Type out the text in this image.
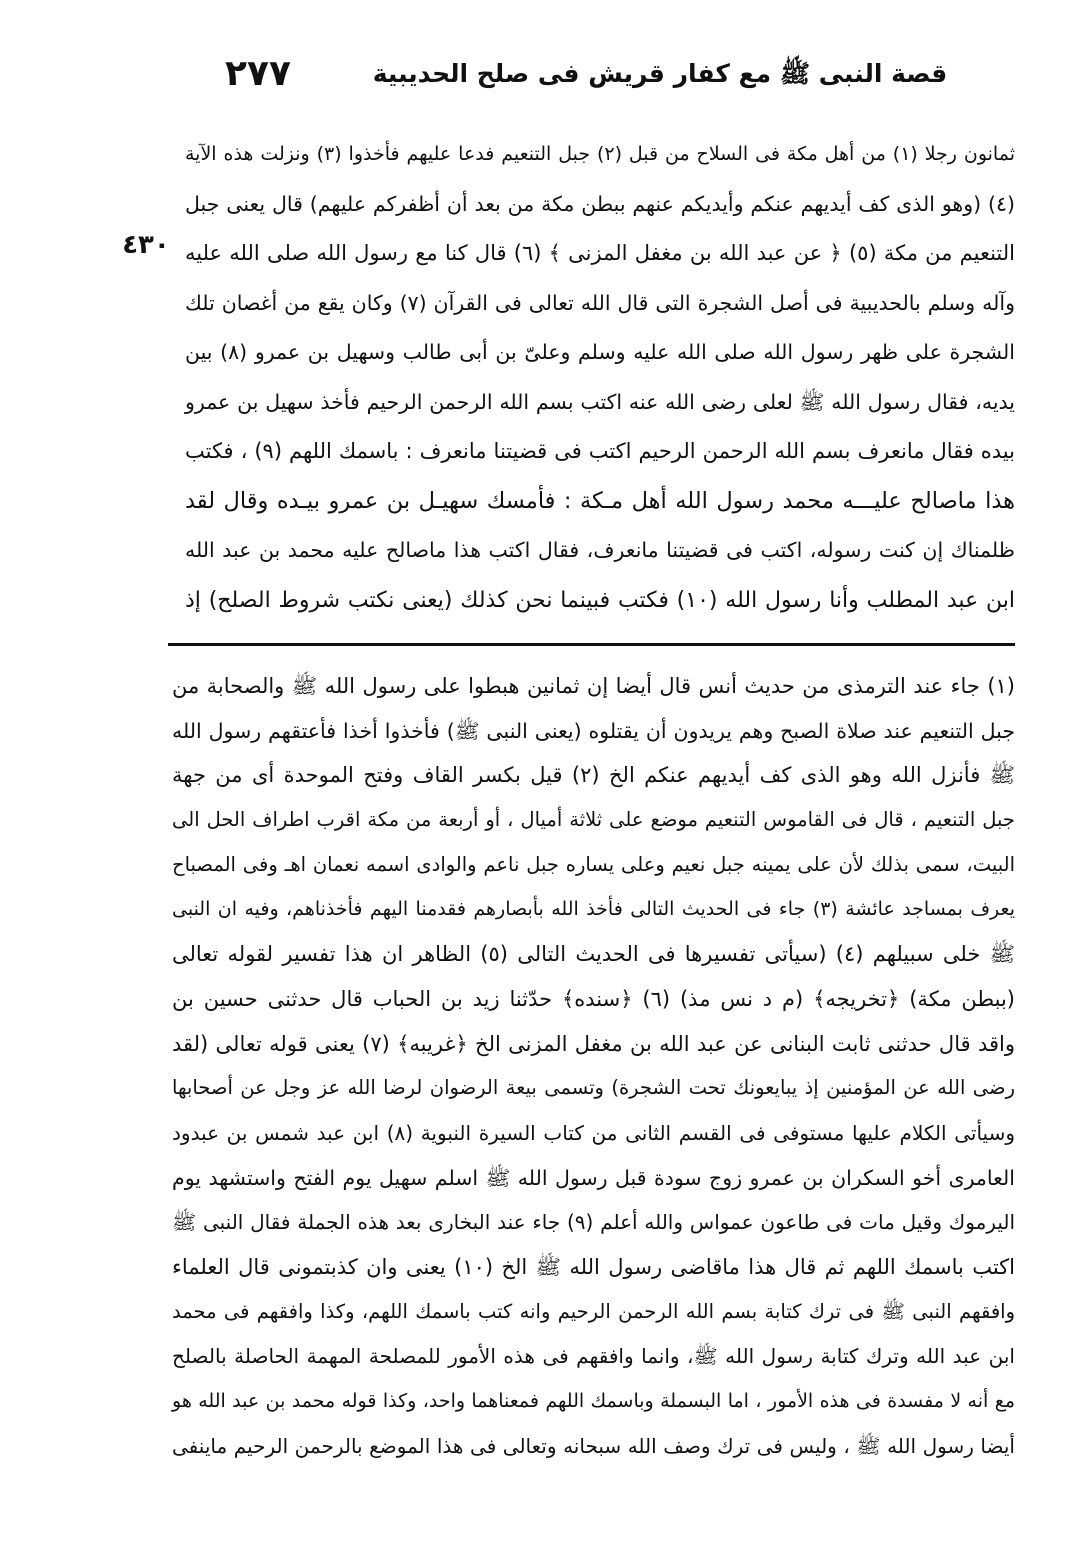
٢٧٧	قصة النبى ﷺ مع كفار قريش فى صلح الحديبية
٤٣٠
ثمانون رجلا (١) من أهل مكة فى السلاح من قبل (٢) جبل التنعيم فدعا عليهم فأخذوا (٣) ونزلت هذه الآية
(٤) (وهو الذى كف أيديهم عنكم وأيديكم عنهم ببطن مكة من بعد أن أظفركم عليهم) قال يعنى جبل
التنعيم من مكة (٥) ﴿ عن عبد الله بن مغفل المزنى ﴾ (٦) قال كنا مع رسول الله صلى الله عليه
وآله وسلم بالحديبية فى أصل الشجرة التى قال الله تعالى فى القرآن (٧) وكان يقع من أغصان تلك
الشجرة على ظهر رسول الله صلى الله عليه وسلم وعلىّ بن أبى طالب وسهيل بن عمرو (٨) بين
يديه، فقال رسول الله ﷺ لعلى رضى الله عنه اكتب بسم الله الرحمن الرحيم فأخذ سهيل بن عمرو
بيده فقال مانعرف بسم الله الرحمن الرحيم اكتب فى قضيتنا مانعرف : باسمك اللهم (٩) ، فكتب
هذا ماصالح عليـــه محمد رسول الله أهل مـكة : فأمسك سهيـل بن عمرو بيـده وقال لقد
ظلمناك إن كنت رسوله، اكتب فى قضيتنا مانعرف، فقال اكتب هذا ماصالح عليه محمد بن عبد الله
ابن عبد المطلب وأنا رسول الله (١٠) فكتب فبينما نحن كذلك (يعنى نكتب شروط الصلح) إذ
(١) جاء عند الترمذى من حديث أنس قال أيضا إن ثمانين هبطوا على رسول الله ﷺ والصحابة من
جبل التنعيم عند صلاة الصبح وهم يريدون أن يقتلوه (يعنى النبى ﷺ) فأخذوا أخذا فأعتقهم رسول الله
ﷺ فأنزل الله وهو الذى كف أيديهم عنكم الخ (٢) قيل بكسر القاف وفتح الموحدة أى من جهة
جبل التنعيم ، قال فى القاموس التنعيم موضع على ثلاثة أميال ، أو أربعة من مكة اقرب اطراف الحل الى
البيت، سمى بذلك لأن على يمينه جبل نعيم وعلى يساره جبل ناعم والوادى اسمه نعمان اهـ وفى المصباح
يعرف بمساجد عائشة (٣) جاء فى الحديث التالى فأخذ الله بأبصارهم فقدمنا اليهم فأخذناهم، وفيه ان النبى
ﷺ خلى سبيلهم (٤) (سيأتى تفسيرها فى الحديث التالى (٥) الظاهر ان هذا تفسير لقوله تعالى
(ببطن مكة) ﴿تخريجه﴾ (م د نس مذ) (٦) ﴿سنده﴾ حدّثنا زيد بن الحباب قال حدثنى حسين بن
واقد قال حدثنى ثابت البنانى عن عبد الله بن مغفل المزنى الخ ﴿غريبه﴾ (٧) يعنى قوله تعالى (لقد
رضى الله عن المؤمنين إذ يبايعونك تحت الشجرة) وتسمى بيعة الرضوان لرضا الله عز وجل عن أصحابها
وسيأتى الكلام عليها مستوفى فى القسم الثانى من كتاب السيرة النبوية (٨) ابن عبد شمس بن عبدود
العامرى أخو السكران بن عمرو زوج سودة قبل رسول الله ﷺ اسلم سهيل يوم الفتح واستشهد يوم
اليرموك وقيل مات فى طاعون عمواس والله أعلم (٩) جاء عند البخارى بعد هذه الجملة فقال النبى ﷺ
اكتب باسمك اللهم ثم قال هذا ماقاضى رسول الله ﷺ الخ (١٠) يعنى وان كذبتمونى قال العلماء
وافقهم النبى ﷺ فى ترك كتابة بسم الله الرحمن الرحيم وانه كتب باسمك اللهم، وكذا وافقهم فى محمد
ابن عبد الله وترك كتابة رسول الله ﷺ، وانما وافقهم فى هذه الأمور للمصلحة المهمة الحاصلة بالصلح
مع أنه لا مفسدة فى هذه الأمور ، اما البسملة وباسمك اللهم فمعناهما واحد، وكذا قوله محمد بن عبد الله هو
أيضا رسول الله ﷺ ، وليس فى ترك وصف الله سبحانه وتعالى فى هذا الموضع بالرحمن الرحيم ماينفى
